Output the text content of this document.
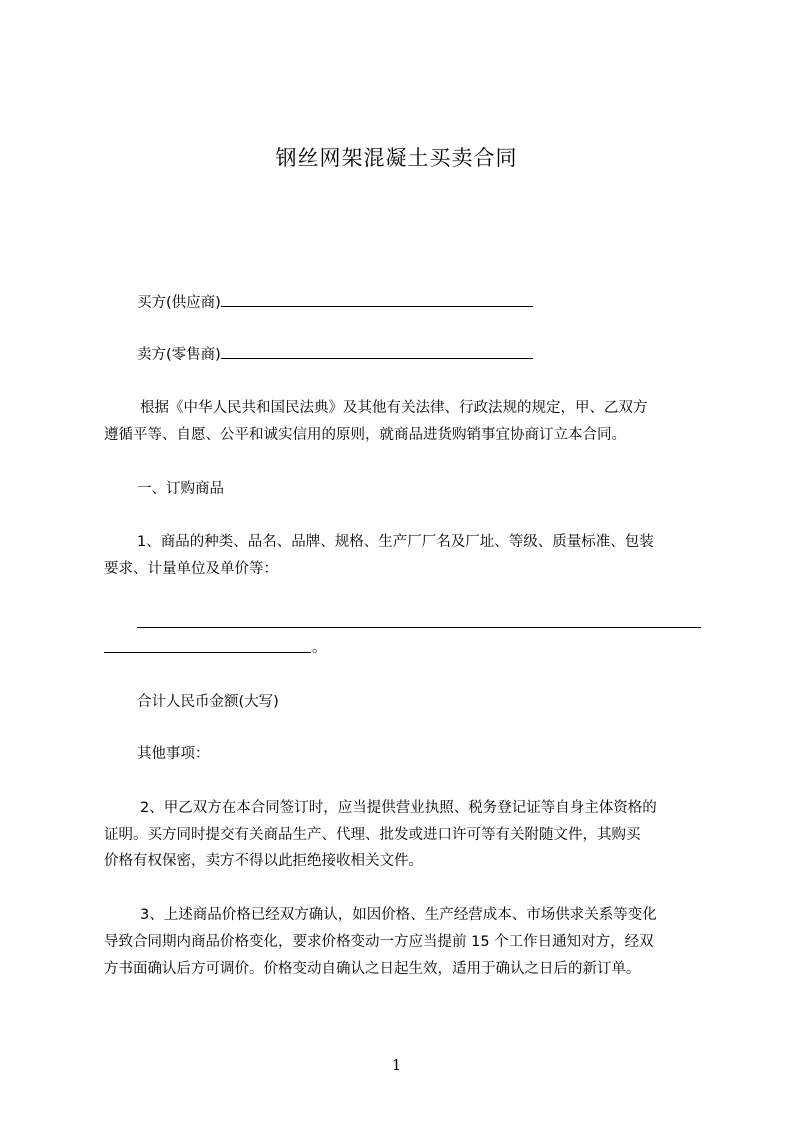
钢丝网架混凝土买卖合同
买方(供应商)
卖方(零售商)
根据《中华人民共和国民法典》及其他有关法律、行政法规的规定，甲、乙双方
遵循平等、自愿、公平和诚实信用的原则，就商品进货购销事宜协商订立本合同。
一、订购商品
1、商品的种类、品名、品牌、规格、生产厂厂名及厂址、等级、质量标准、包装
要求、计量单位及单价等：
。
合计人民币金额(大写)
其他事项：
2、甲乙双方在本合同签订时，应当提供营业执照、税务登记证等自身主体资格的
证明。买方同时提交有关商品生产、代理、批发或进口许可等有关附随文件，其购买
价格有权保密，卖方不得以此拒绝接收相关文件。
3、上述商品价格已经双方确认，如因价格、生产经营成本、市场供求关系等变化
导致合同期内商品价格变化，要求价格变动一方应当提前 15 个工作日通知对方，经双
方书面确认后方可调价。价格变动自确认之日起生效，适用于确认之日后的新订单。
1
